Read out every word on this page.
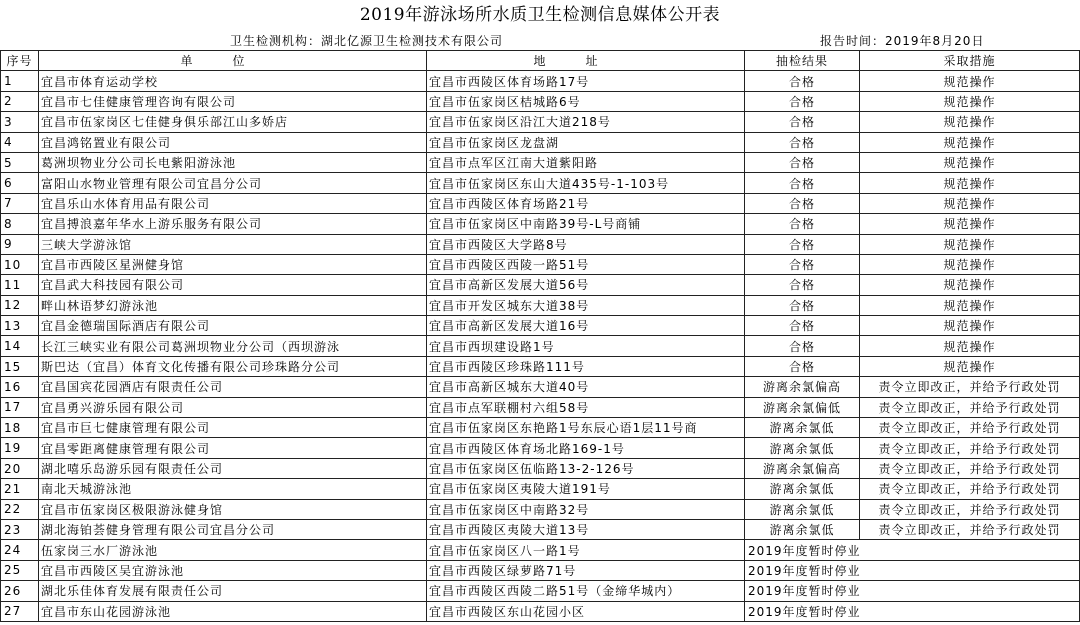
2019年游泳场所水质卫生检测信息媒体公开表
卫生检测机构：湖北亿源卫生检测技术有限公司	报告时间：2019年8月20日
序号	单位	地址	抽检结果	采取措施
1	宜昌市体育运动学校	宜昌市西陵区体育场路17号	合格	规范操作
2	宜昌市七佳健康管理咨询有限公司	宜昌市伍家岗区桔城路6号	合格	规范操作
3	宜昌市伍家岗区七佳健身俱乐部江山多娇店	宜昌市伍家岗区沿江大道218号	合格	规范操作
4	宜昌鸿铭置业有限公司	宜昌市伍家岗区龙盘湖	合格	规范操作
5	葛洲坝物业分公司长电紫阳游泳池	宜昌市点军区江南大道紫阳路	合格	规范操作
6	富阳山水物业管理有限公司宜昌分公司	宜昌市伍家岗区东山大道435号-1-103号	合格	规范操作
7	宜昌乐山水体育用品有限公司	宜昌市西陵区体育场路21号	合格	规范操作
8	宜昌搏浪嘉年华水上游乐服务有限公司	宜昌市伍家岗区中南路39号-L号商铺	合格	规范操作
9	三峡大学游泳馆	宜昌市西陵区大学路8号	合格	规范操作
10	宜昌市西陵区星洲健身馆	宜昌市西陵区西陵一路51号	合格	规范操作
11	宜昌武大科技园有限公司	宜昌市高新区发展大道56号	合格	规范操作
12	畔山林语梦幻游泳池	宜昌市开发区城东大道38号	合格	规范操作
13	宜昌金德瑞国际酒店有限公司	宜昌市高新区发展大道16号	合格	规范操作
14	长江三峡实业有限公司葛洲坝物业分公司（西坝游泳	宜昌市西坝建设路1号	合格	规范操作
15	斯巴达（宜昌）体育文化传播有限公司珍珠路分公司	宜昌市西陵区珍珠路111号	合格	规范操作
16	宜昌国宾花园酒店有限责任公司	宜昌市高新区城东大道40号	游离余氯偏高	责令立即改正，并给予行政处罚
17	宜昌勇兴游乐园有限公司	宜昌市点军联棚村六组58号	游离余氯偏低	责令立即改正，并给予行政处罚
18	宜昌市巨七健康管理有限公司	宜昌市伍家岗区东艳路1号东辰心语1层11号商	游离余氯低	责令立即改正，并给予行政处罚
19	宜昌零距离健康管理有限公司	宜昌市西陵区体育场北路169-1号	游离余氯低	责令立即改正，并给予行政处罚
20	湖北嘻乐岛游乐园有限责任公司	宜昌市伍家岗区伍临路13-2-126号	游离余氯偏高	责令立即改正，并给予行政处罚
21	南北天城游泳池	宜昌市伍家岗区夷陵大道191号	游离余氯低	责令立即改正，并给予行政处罚
22	宜昌市伍家岗区极限游泳健身馆	宜昌市伍家岗区中南路32号	游离余氯低	责令立即改正，并给予行政处罚
23	湖北海铂荟健身管理有限公司宜昌分公司	宜昌市西陵区夷陵大道13号	游离余氯低	责令立即改正，并给予行政处罚
24	伍家岗三水厂游泳池	宜昌市伍家岗区八一路1号	2019年度暂时停业	
25	宜昌市西陵区吴宜游泳池	宜昌市西陵区绿萝路71号	2019年度暂时停业	
26	湖北乐佳体育发展有限责任公司	宜昌市西陵区西陵二路51号（金缔华城内）	2019年度暂时停业	
27	宜昌市东山花园游泳池	宜昌市西陵区东山花园小区	2019年度暂时停业	
